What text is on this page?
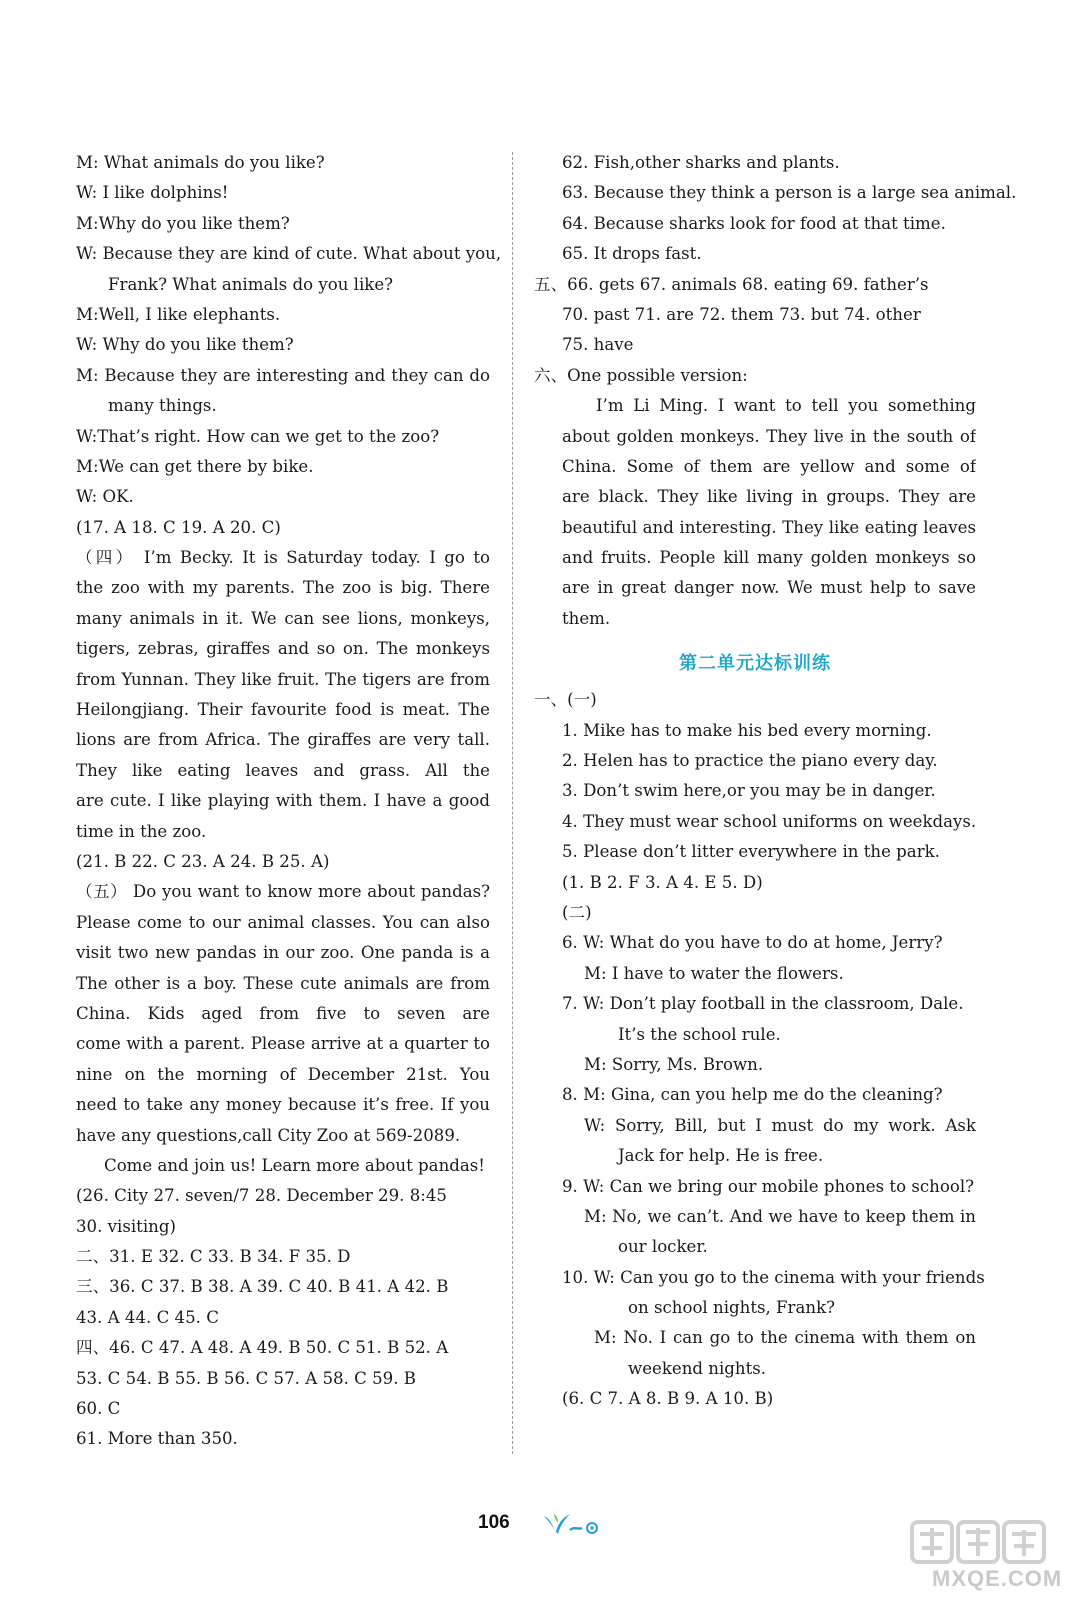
M: What animals do you like?
W: I like dolphins!
M:Why do you like them?
W: Because they are kind of cute. What about you,
Frank? What animals do you like?
M:Well, I like elephants.
W: Why do you like them?
M: Because they are interesting and they can do
many things.
W:That’s right. How can we get to the zoo?
M:We can get there by bike.
W: OK.
(17. A 18. C 19. A 20. C)
（四） I’m Becky. It is Saturday today. I go to
the zoo with my parents. The zoo is big. There
many animals in it. We can see lions, monkeys,
tigers, zebras, giraffes and so on. The monkeys
from Yunnan. They like fruit. The tigers are from
Heilongjiang. Their favourite food is meat. The
lions are from Africa. The giraffes are very tall.
They like eating leaves and grass. All the
are cute. I like playing with them. I have a good
time in the zoo.
(21. B 22. C 23. A 24. B 25. A)
（五） Do you want to know more about pandas?
Please come to our animal classes. You can also
visit two new pandas in our zoo. One panda is a
The other is a boy. These cute animals are from
China. Kids aged from five to seven are
come with a parent. Please arrive at a quarter to
nine on the morning of December 21st. You
need to take any money because it’s free. If you
have any questions,call City Zoo at 569-2089.
Come and join us! Learn more about pandas!
(26. City 27. seven/7 28. December 29. 8:45
30. visiting)
二、31. E 32. C 33. B 34. F 35. D
三、36. C 37. B 38. A 39. C 40. B 41. A 42. B
43. A 44. C 45. C
四、46. C 47. A 48. A 49. B 50. C 51. B 52. A
53. C 54. B 55. B 56. C 57. A 58. C 59. B
60. C
61. More than 350.
62. Fish,other sharks and plants.
63. Because they think a person is a large sea animal.
64. Because sharks look for food at that time.
65. It drops fast.
五、66. gets 67. animals 68. eating 69. father’s
70. past 71. are 72. them 73. but 74. other
75. have
六、One possible version:
I’m Li Ming. I want to tell you something
about golden monkeys. They live in the south of
China. Some of them are yellow and some of
are black. They like living in groups. They are
beautiful and interesting. They like eating leaves
and fruits. People kill many golden monkeys so
are in great danger now. We must help to save
them.
第二单元达标训练
一、(一)
1. Mike has to make his bed every morning.
2. Helen has to practice the piano every day.
3. Don’t swim here,or you may be in danger.
4. They must wear school uniforms on weekdays.
5. Please don’t litter everywhere in the park.
(1. B 2. F 3. A 4. E 5. D)
(二)
6. W: What do you have to do at home, Jerry?
M: I have to water the flowers.
7. W: Don’t play football in the classroom, Dale.
It’s the school rule.
M: Sorry, Ms. Brown.
8. M: Gina, can you help me do the cleaning?
W: Sorry, Bill, but I must do my work. Ask
Jack for help. He is free.
9. W: Can we bring our mobile phones to school?
M: No, we can’t. And we have to keep them in
our locker.
10. W: Can you go to the cinema with your friends
on school nights, Frank?
M: No. I can go to the cinema with them on
weekend nights.
(6. C 7. A 8. B 9. A 10. B)
106
MXQE.COM
